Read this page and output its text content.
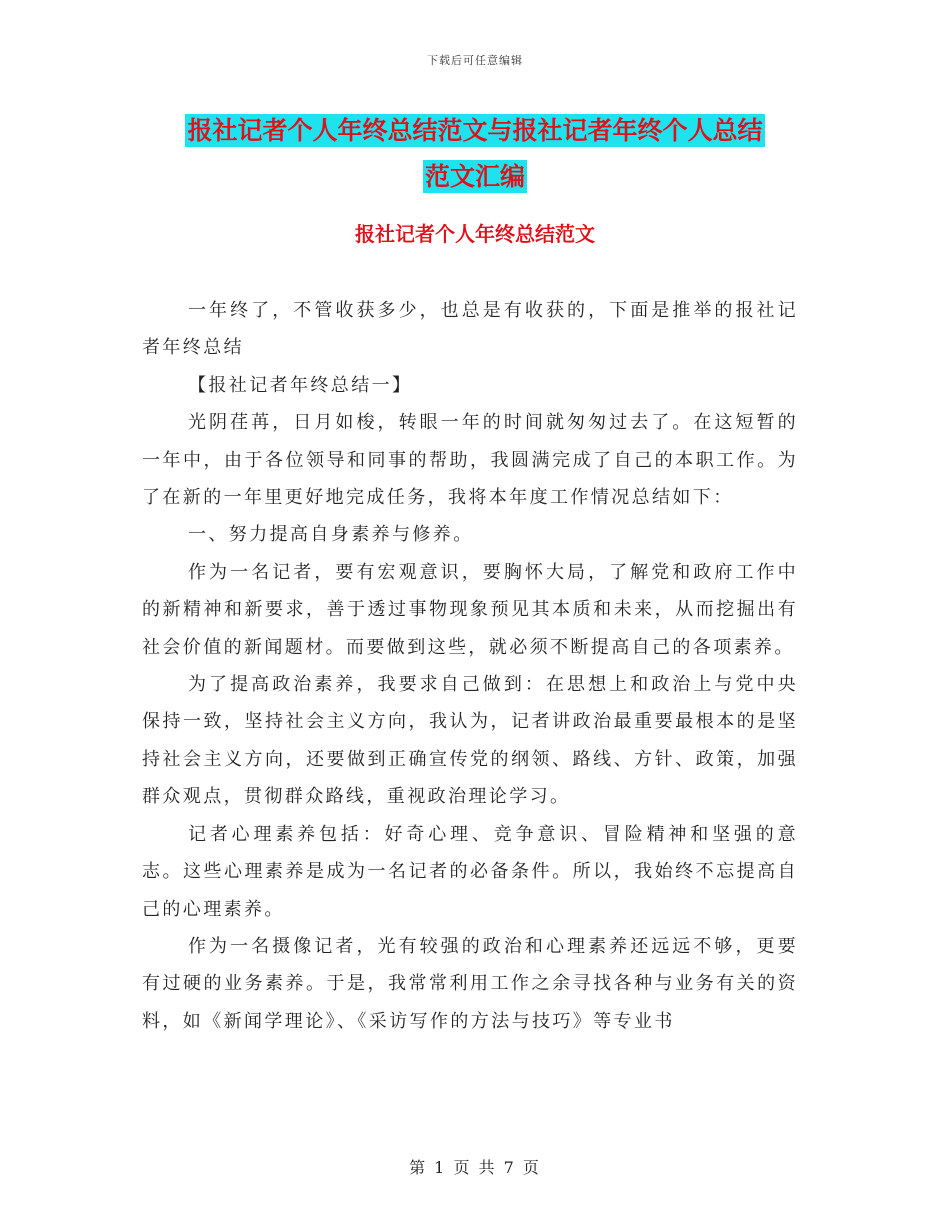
下载后可任意编辑
报社记者个人年终总结范文与报社记者年终个人总结
范文汇编
报社记者个人年终总结范文

一年终了，不管收获多少，也总是有收获的，下面是推举的报社记者年终总结

【报社记者年终总结一】

光阴荏苒，日月如梭，转眼一年的时间就匆匆过去了。在这短暂的一年中，由于各位领导和同事的帮助，我圆满完成了自己的本职工作。为了在新的一年里更好地完成任务，我将本年度工作情况总结如下：

一、努力提高自身素养与修养。

作为一名记者，要有宏观意识，要胸怀大局，了解党和政府工作中的新精神和新要求，善于透过事物现象预见其本质和未来，从而挖掘出有社会价值的新闻题材。而要做到这些，就必须不断提高自己的各项素养。

为了提高政治素养，我要求自己做到：在思想上和政治上与党中央保持一致，坚持社会主义方向，我认为，记者讲政治最重要最根本的是坚持社会主义方向，还要做到正确宣传党的纲领、路线、方针、政策，加强群众观点，贯彻群众路线，重视政治理论学习。

记者心理素养包括：好奇心理、竞争意识、冒险精神和坚强的意志。这些心理素养是成为一名记者的必备条件。所以，我始终不忘提高自己的心理素养。

作为一名摄像记者，光有较强的政治和心理素养还远远不够，更要有过硬的业务素养。于是，我常常利用工作之余寻找各种与业务有关的资料，如《新闻学理论》、《采访写作的方法与技巧》等专业书

第 1 页 共 7 页
